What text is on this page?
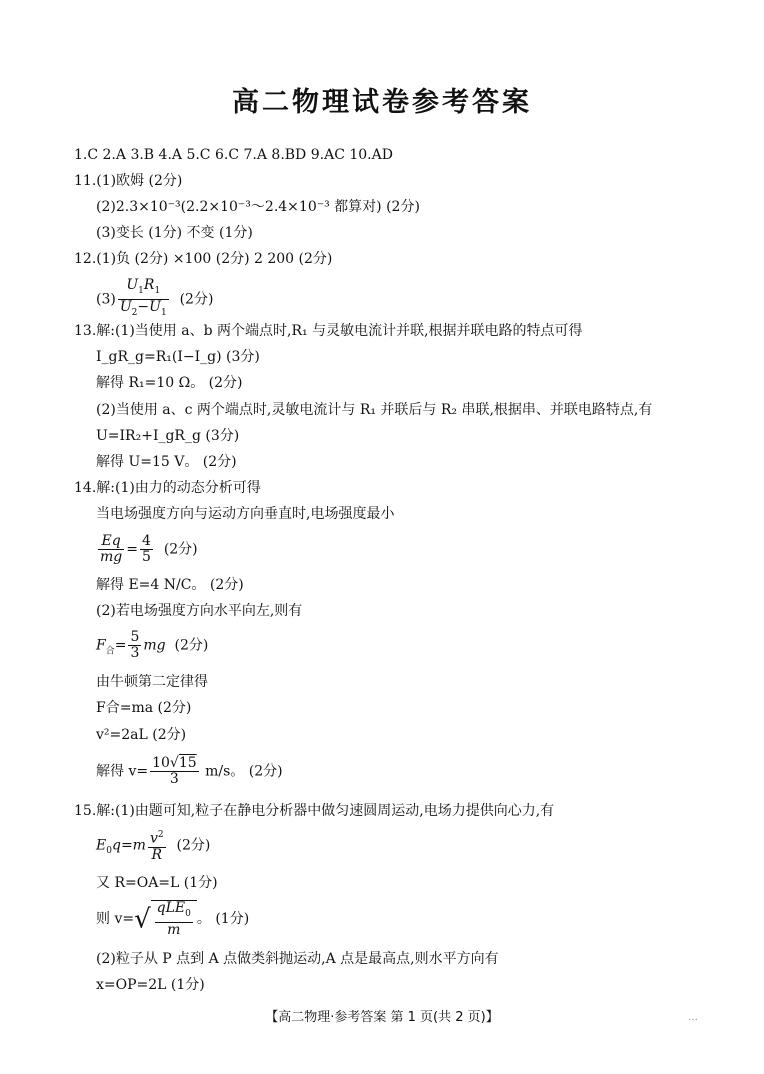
高二物理试卷参考答案
1.C 2.A 3.B 4.A 5.C 6.C 7.A 8.BD 9.AC 10.AD
11.(1)欧姆 (2分)
(2)2.3×10⁻³(2.2×10⁻³～2.4×10⁻³ 都算对) (2分)
(3)变长 (1分) 不变 (1分)
12.(1)负 (2分) ×100 (2分) 2 200 (2分)
$(3) \frac{U_1R_1}{U_2-U_1} (2$分)
13.解:(1)当使用 a、b 两个端点时,R₁ 与灵敏电流计并联,根据并联电路的特点可得
I_gR_g=R₁(I−I_g) (3分)
解得 R₁=10 Ω。 (2分)
(2)当使用 a、c 两个端点时,灵敏电流计与 R₁ 并联后与 R₂ 串联,根据串、并联电路特点,有
U=IR₂+I_gR_g (3分)
解得 U=15 V。 (2分)
14.解:(1)由力的动态分析可得
当电场强度方向与运动方向垂直时,电场强度最小
$\frac{Eq}{mg} = \frac{4}{5} (2$分)
解得 E=4 N/C。 (2分)
(2)若电场强度方向水平向左,则有
$F_合= \frac{5}{3}$ mg (2分)
由牛顿第二定律得
F合=ma (2分)
v²=2aL (2分)
解得 $v= \frac{10√15}{3} m/s$。 (2分)
15.解:(1)由题可知,粒子在静电分析器中做匀速圆周运动,电场力提供向心力,有
$E_0q=m \frac{v^2}{R} (2$分)
又 R=OA=L (1分)
则 $v=√ \frac{qLE_0}{m}$ 。 (1分)
(2)粒子从 P 点到 A 点做类斜抛运动,A 点是最高点,则水平方向有
x=OP=2L (1分)
【高二物理·参考答案 第 1 页(共 2 页)】	…
